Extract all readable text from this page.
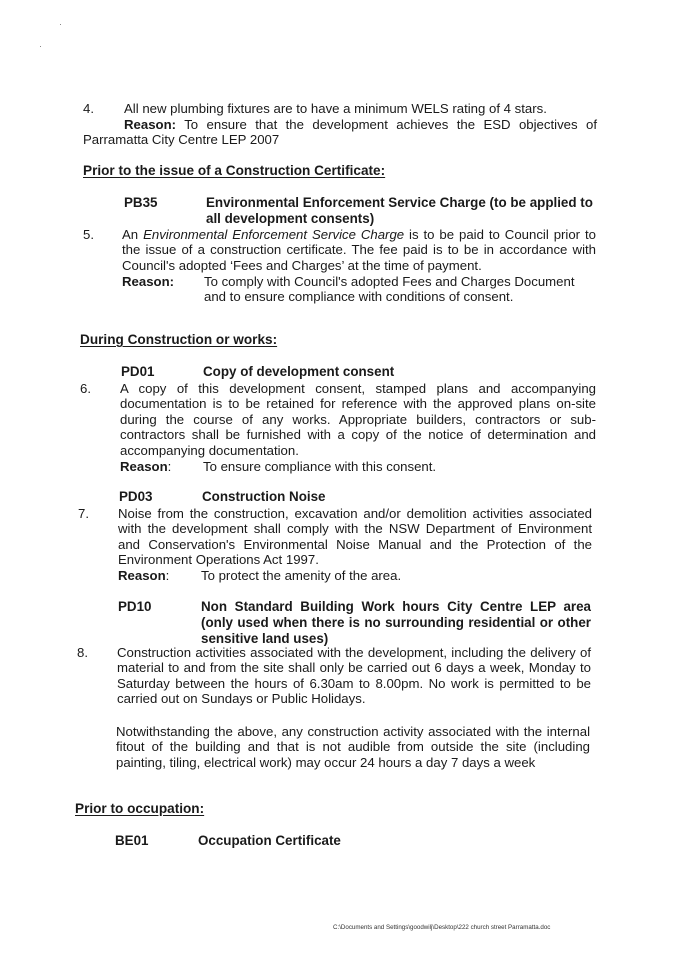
4. All new plumbing fixtures are to have a minimum WELS rating of 4 stars.
Reason: To ensure that the development achieves the ESD objectives of Parramatta City Centre LEP 2007
Prior to the issue of a Construction Certificate:
PB35	Environmental Enforcement Service Charge (to be applied to all development consents)
5. An Environmental Enforcement Service Charge is to be paid to Council prior to the issue of a construction certificate. The fee paid is to be in accordance with Council's adopted ‘Fees and Charges’ at the time of payment.
Reason: To comply with Council's adopted Fees and Charges Document and to ensure compliance with conditions of consent.
During Construction or works:
PD01	Copy of development consent
6. A copy of this development consent, stamped plans and accompanying documentation is to be retained for reference with the approved plans on-site during the course of any works. Appropriate builders, contractors or sub-contractors shall be furnished with a copy of the notice of determination and accompanying documentation.
Reason: To ensure compliance with this consent.
PD03	Construction Noise
7. Noise from the construction, excavation and/or demolition activities associated with the development shall comply with the NSW Department of Environment and Conservation's Environmental Noise Manual and the Protection of the Environment Operations Act 1997.
Reason: To protect the amenity of the area.
PD10	Non Standard Building Work hours City Centre LEP area (only used when there is no surrounding residential or other sensitive land uses)
8. Construction activities associated with the development, including the delivery of material to and from the site shall only be carried out 6 days a week, Monday to Saturday between the hours of 6.30am to 8.00pm. No work is permitted to be carried out on Sundays or Public Holidays.
Notwithstanding the above, any construction activity associated with the internal fitout of the building and that is not audible from outside the site (including painting, tiling, electrical work) may occur 24 hours a day 7 days a week
Prior to occupation:
BE01	Occupation Certificate
C:\Documents and Settings\goodwilj\Desktop\222 church street Parramatta.doc
